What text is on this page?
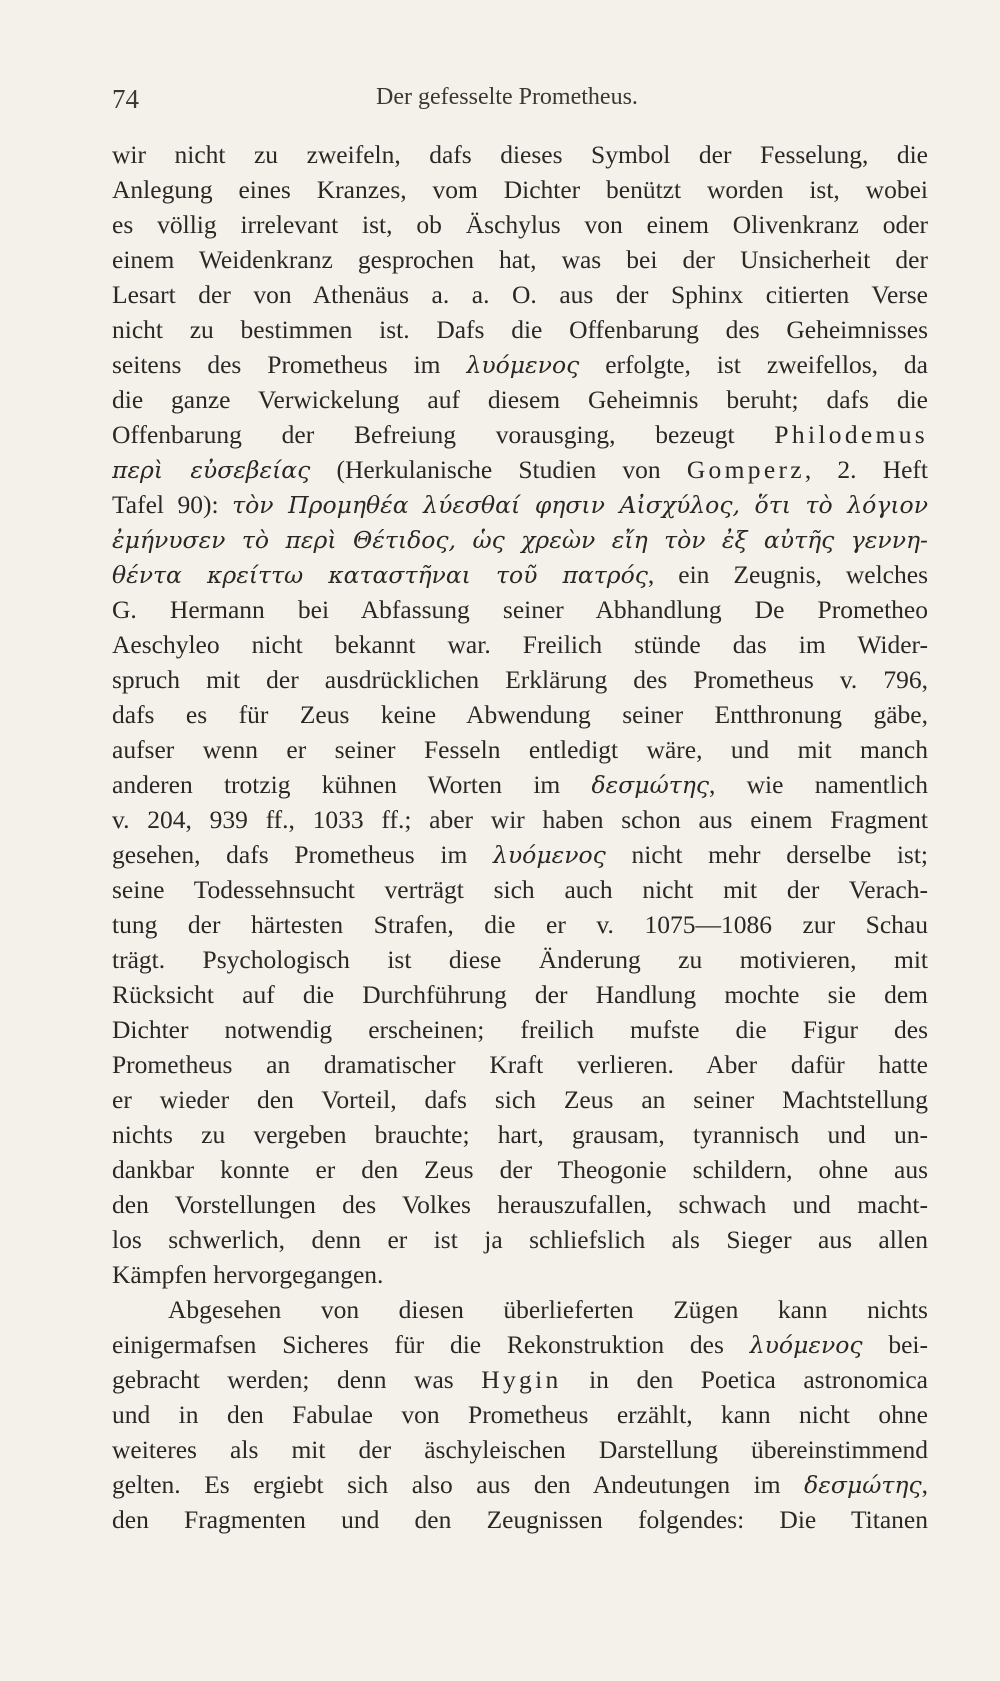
74	Der gefesselte Prometheus.
wir nicht zu zweifeln, dafs dieses Symbol der Fesselung, die
Anlegung eines Kranzes, vom Dichter benützt worden ist, wobei
es völlig irrelevant ist, ob Äschylus von einem Olivenkranz oder
einem Weidenkranz gesprochen hat, was bei der Unsicherheit der
Lesart der von Athenäus a. a. O. aus der Sphinx citierten Verse
nicht zu bestimmen ist. Dafs die Offenbarung des Geheimnisses
seitens des Prometheus im λυόμενος erfolgte, ist zweifellos, da
die ganze Verwickelung auf diesem Geheimnis beruht; dafs die
Offenbarung der Befreiung vorausging, bezeugt Philodemus
περὶ εὐσεβείας (Herkulanische Studien von Gomperz, 2. Heft
Tafel 90): τὸν Προμηθέα λύεσθαί φησιν Αἰσχύλος, ὅτι τὸ λόγιον
ἐμήνυσεν τὸ περὶ Θέτιδος, ὡς χρεὼν εἴη τὸν ἐξ αὐτῆς γεννη-
θέντα κρείττω καταστῆναι τοῦ πατρός, ein Zeugnis, welches
G. Hermann bei Abfassung seiner Abhandlung De Prometheo
Aeschyleo nicht bekannt war. Freilich stünde das im Wider-
spruch mit der ausdrücklichen Erklärung des Prometheus v. 796,
dafs es für Zeus keine Abwendung seiner Entthronung gäbe,
aufser wenn er seiner Fesseln entledigt wäre, und mit manch
anderen trotzig kühnen Worten im δεσμώτης, wie namentlich
v. 204, 939 ff., 1033 ff.; aber wir haben schon aus einem Fragment
gesehen, dafs Prometheus im λυόμενος nicht mehr derselbe ist;
seine Todessehnsucht verträgt sich auch nicht mit der Verach-
tung der härtesten Strafen, die er v. 1075—1086 zur Schau
trägt. Psychologisch ist diese Änderung zu motivieren, mit
Rücksicht auf die Durchführung der Handlung mochte sie dem
Dichter notwendig erscheinen; freilich mufste die Figur des
Prometheus an dramatischer Kraft verlieren. Aber dafür hatte
er wieder den Vorteil, dafs sich Zeus an seiner Machtstellung
nichts zu vergeben brauchte; hart, grausam, tyrannisch und un-
dankbar konnte er den Zeus der Theogonie schildern, ohne aus
den Vorstellungen des Volkes herauszufallen, schwach und macht-
los schwerlich, denn er ist ja schliefslich als Sieger aus allen
Kämpfen hervorgegangen.
Abgesehen von diesen überlieferten Zügen kann nichts
einigermafsen Sicheres für die Rekonstruktion des λυόμενος bei-
gebracht werden; denn was Hygin in den Poetica astronomica
und in den Fabulae von Prometheus erzählt, kann nicht ohne
weiteres als mit der äschyleischen Darstellung übereinstimmend
gelten. Es ergiebt sich also aus den Andeutungen im δεσμώτης,
den Fragmenten und den Zeugnissen folgendes: Die Titanen
